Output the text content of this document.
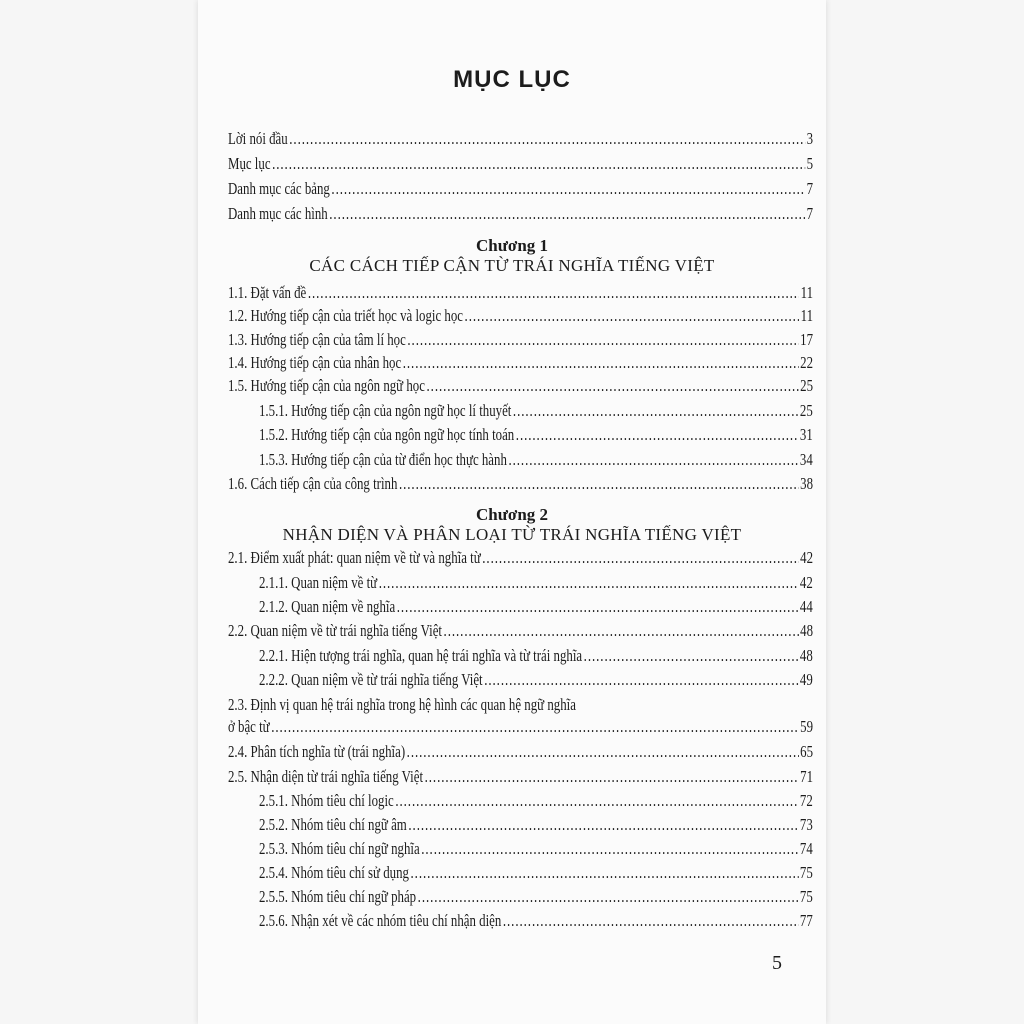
MỤC LỤC
Lời nói đầu .....	3
Mục lục .....	5
Danh mục các bảng .....	7
Danh mục các hình .....	7
Chương 1
CÁC CÁCH TIẾP CẬN TỪ TRÁI NGHĨA TIẾNG VIỆT
1.1. Đặt vấn đề .....	11
1.2. Hướng tiếp cận của triết học và logic học .....	11
1.3. Hướng tiếp cận của tâm lí học .....	17
1.4. Hướng tiếp cận của nhân học .....	22
1.5. Hướng tiếp cận của ngôn ngữ học .....	25
1.5.1. Hướng tiếp cận của ngôn ngữ học lí thuyết .....	25
1.5.2. Hướng tiếp cận của ngôn ngữ học tính toán .....	31
1.5.3. Hướng tiếp cận của từ điển học thực hành .....	34
1.6. Cách tiếp cận của công trình .....	38
Chương 2
NHẬN DIỆN VÀ PHÂN LOẠI TỪ TRÁI NGHĨA TIẾNG VIỆT
2.1. Điểm xuất phát: quan niệm về từ và nghĩa từ .....	42
2.1.1. Quan niệm về từ .....	42
2.1.2. Quan niệm về nghĩa .....	44
2.2. Quan niệm về từ trái nghĩa tiếng Việt .....	48
2.2.1. Hiện tượng trái nghĩa, quan hệ trái nghĩa và từ trái nghĩa .....	48
2.2.2. Quan niệm về từ trái nghĩa tiếng Việt .....	49
2.3. Định vị quan hệ trái nghĩa trong hệ hình các quan hệ ngữ nghĩa
ở bậc từ .....	59
2.4. Phân tích nghĩa từ (trái nghĩa) .....	65
2.5. Nhận diện từ trái nghĩa tiếng Việt .....	71
2.5.1. Nhóm tiêu chí logic .....	72
2.5.2. Nhóm tiêu chí ngữ âm .....	73
2.5.3. Nhóm tiêu chí ngữ nghĩa .....	74
2.5.4. Nhóm tiêu chí sử dụng .....	75
2.5.5. Nhóm tiêu chí ngữ pháp .....	75
2.5.6. Nhận xét về các nhóm tiêu chí nhận diện .....	77
5
